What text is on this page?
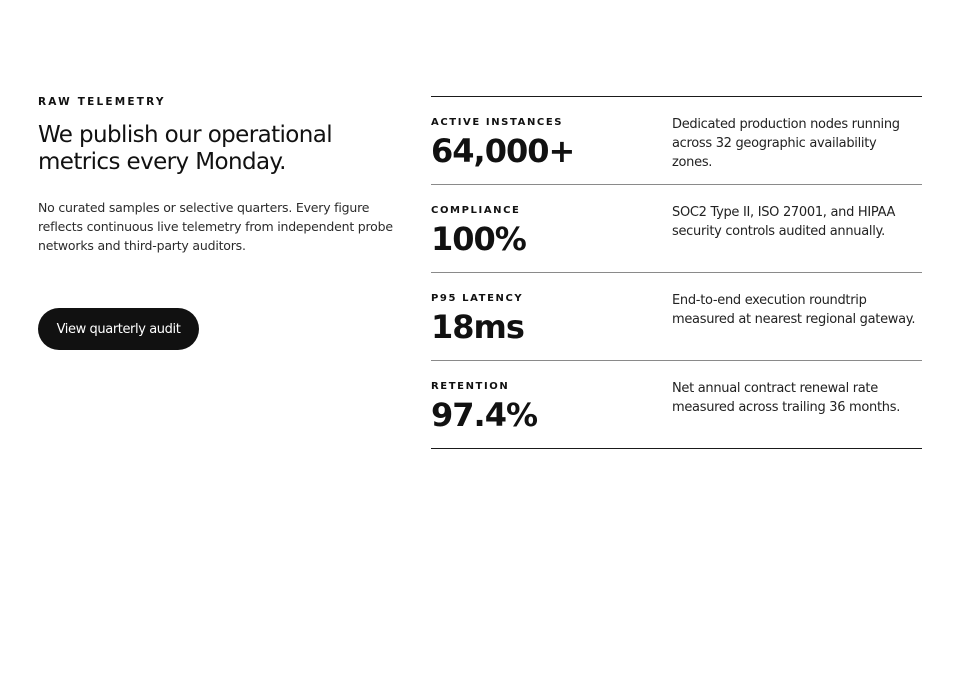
RAW TELEMETRY

We publish our operational metrics every Monday.

No curated samples or selective quarters. Every figure reflects continuous live telemetry from independent probe networks and third-party auditors.

View quarterly audit
ACTIVE INSTANCES
64,000+
Dedicated production nodes running across 32 geographic availability zones.
COMPLIANCE
100%
SOC2 Type II, ISO 27001, and HIPAA security controls audited annually.
P95 LATENCY
18ms
End-to-end execution roundtrip measured at nearest regional gateway.
RETENTION
97.4%
Net annual contract renewal rate measured across trailing 36 months.
